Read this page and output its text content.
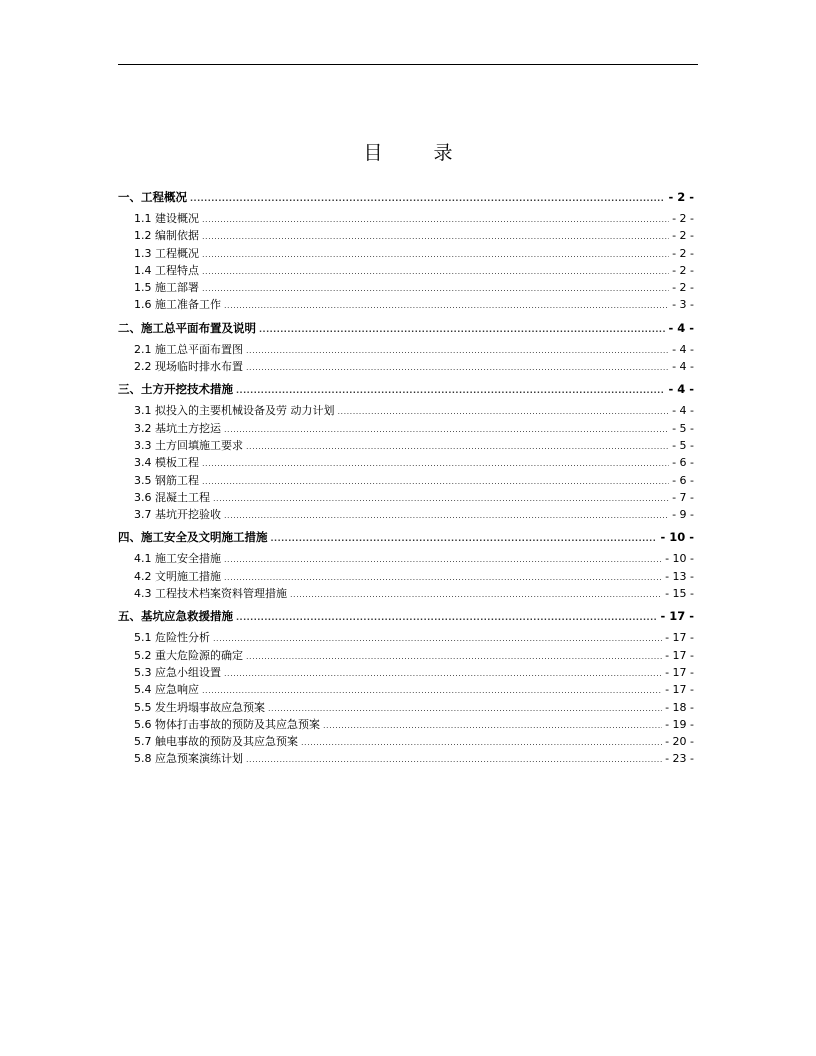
目　录
一、工程概况 .....	- 2 -
1.1 建设概况 .....	- 2 -
1.2 编制依据 .....	- 2 -
1.3 工程概况 .....	- 2 -
1.4 工程特点 .....	- 2 -
1.5 施工部署 .....	- 2 -
1.6 施工准备工作 .....	- 3 -
二、施工总平面布置及说明 .....	- 4 -
2.1 施工总平面布置图 .....	- 4 -
2.2 现场临时排水布置 .....	- 4 -
三、土方开挖技术措施 .....	- 4 -
3.1 拟投入的主要机械设备及劳 动力计划 .....	- 4 -
3.2 基坑土方挖运 .....	- 5 -
3.3 土方回填施工要求 .....	- 5 -
3.4 模板工程 .....	- 6 -
3.5 钢筋工程 .....	- 6 -
3.6 混凝土工程 .....	- 7 -
3.7 基坑开挖验收 .....	- 9 -
四、施工安全及文明施工措施 .....	- 10 -
4.1 施工安全措施 .....	- 10 -
4.2 文明施工措施 .....	- 13 -
4.3 工程技术档案资料管理措施 .....	- 15 -
五、基坑应急救援措施 .....	- 17 -
5.1 危险性分析 .....	- 17 -
5.2 重大危险源的确定 .....	- 17 -
5.3 应急小组设置 .....	- 17 -
5.4 应急响应 .....	- 17 -
5.5 发生坍塌事故应急预案 .....	- 18 -
5.6 物体打击事故的预防及其应急预案 .....	- 19 -
5.7 触电事故的预防及其应急预案 .....	- 20 -
5.8 应急预案演练计划 .....	- 23 -
